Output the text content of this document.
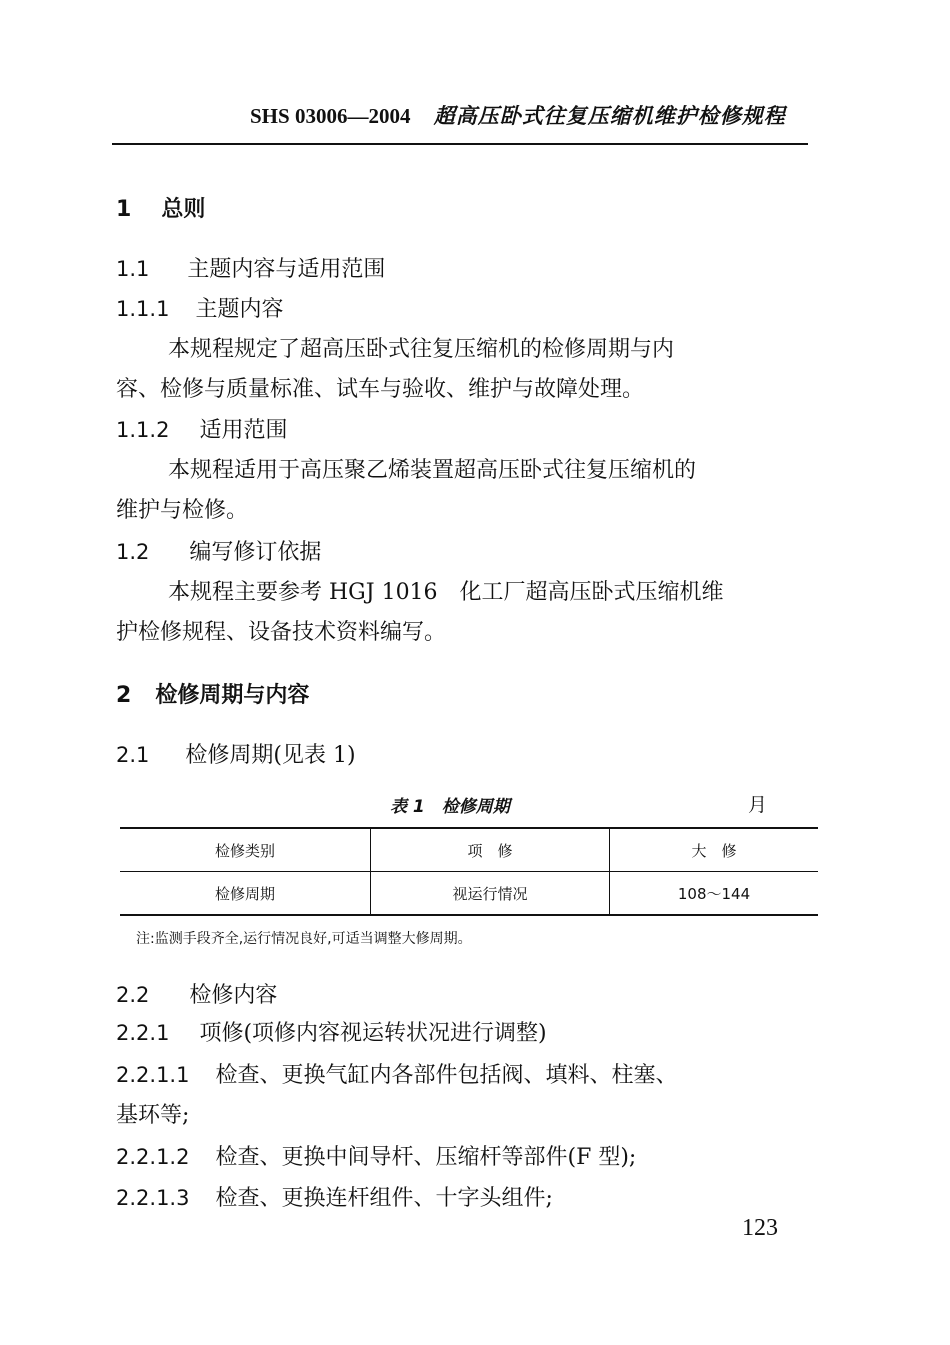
SHS 03006—2004 超高压卧式往复压缩机维护检修规程
1 总则
1.1 主题内容与适用范围
1.1.1 主题内容
本规程规定了超高压卧式往复压缩机的检修周期与内
容、检修与质量标准、试车与验收、维护与故障处理。
1.1.2 适用范围
本规程适用于高压聚乙烯装置超高压卧式往复压缩机的
维护与检修。
1.2 编写修订依据
本规程主要参考 HGJ 1016　化工厂超高压卧式压缩机维
护检修规程、设备技术资料编写。
2 检修周期与内容
2.1 检修周期(见表 1)
表 1　检修周期	月
检修类别	项　修	大　修
检修周期	视运行情况	108～144
注:监测手段齐全,运行情况良好,可适当调整大修周期。
2.2 检修内容
2.2.1 项修(项修内容视运转状况进行调整)
2.2.1.1 检查、更换气缸内各部件包括阀、填料、柱塞、
基环等;
2.2.1.2 检查、更换中间导杆、压缩杆等部件(F 型);
2.2.1.3 检查、更换连杆组件、十字头组件;
123
